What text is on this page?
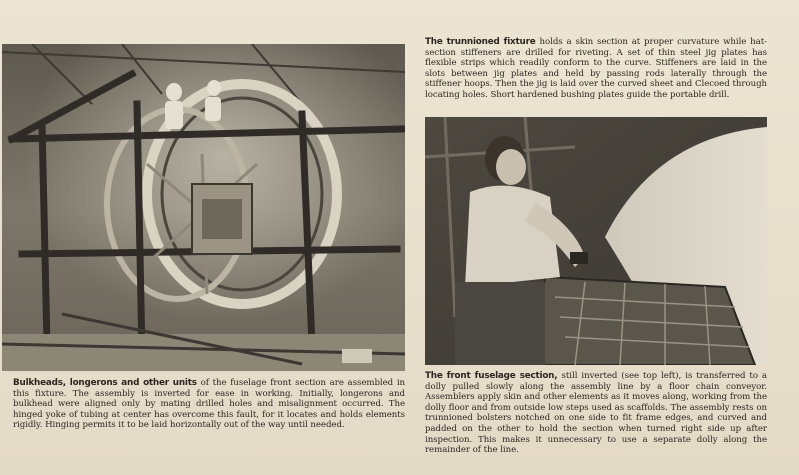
The trunnioned fixture holds a skin section at proper curvature while hat-section stiffeners are drilled for riveting. A set of thin steel jig plates has flexible strips which readily conform to the curve. Stiffeners are laid in the slots between jig plates and held by passing rods laterally through the stiffener hoops. Then the jig is laid over the curved sheet and Clecoed through locating holes. Short hardened bushing plates guide the portable drill.
Bulkheads, longerons and other units of the fuselage front section are assembled in this fixture. The assembly is inverted for ease in working. Initially, longerons and bulkhead were aligned only by mating drilled holes and misalignment occurred. The hinged yoke of tubing at center has overcome this fault, for it locates and holds elements rigidly. Hinging permits it to be laid horizontally out of the way until needed.
The front fuselage section, still inverted (see top left), is transferred to a dolly pulled slowly along the assembly line by a floor chain conveyor. Assemblers apply skin and other elements as it moves along, working from the dolly floor and from outside low steps used as scaffolds. The assembly rests on trunnioned bolsters notched on one side to fit frame edges, and curved and padded on the other to hold the section when turned right side up after inspection. This makes it unnecessary to use a separate dolly along the remainder of the line.
